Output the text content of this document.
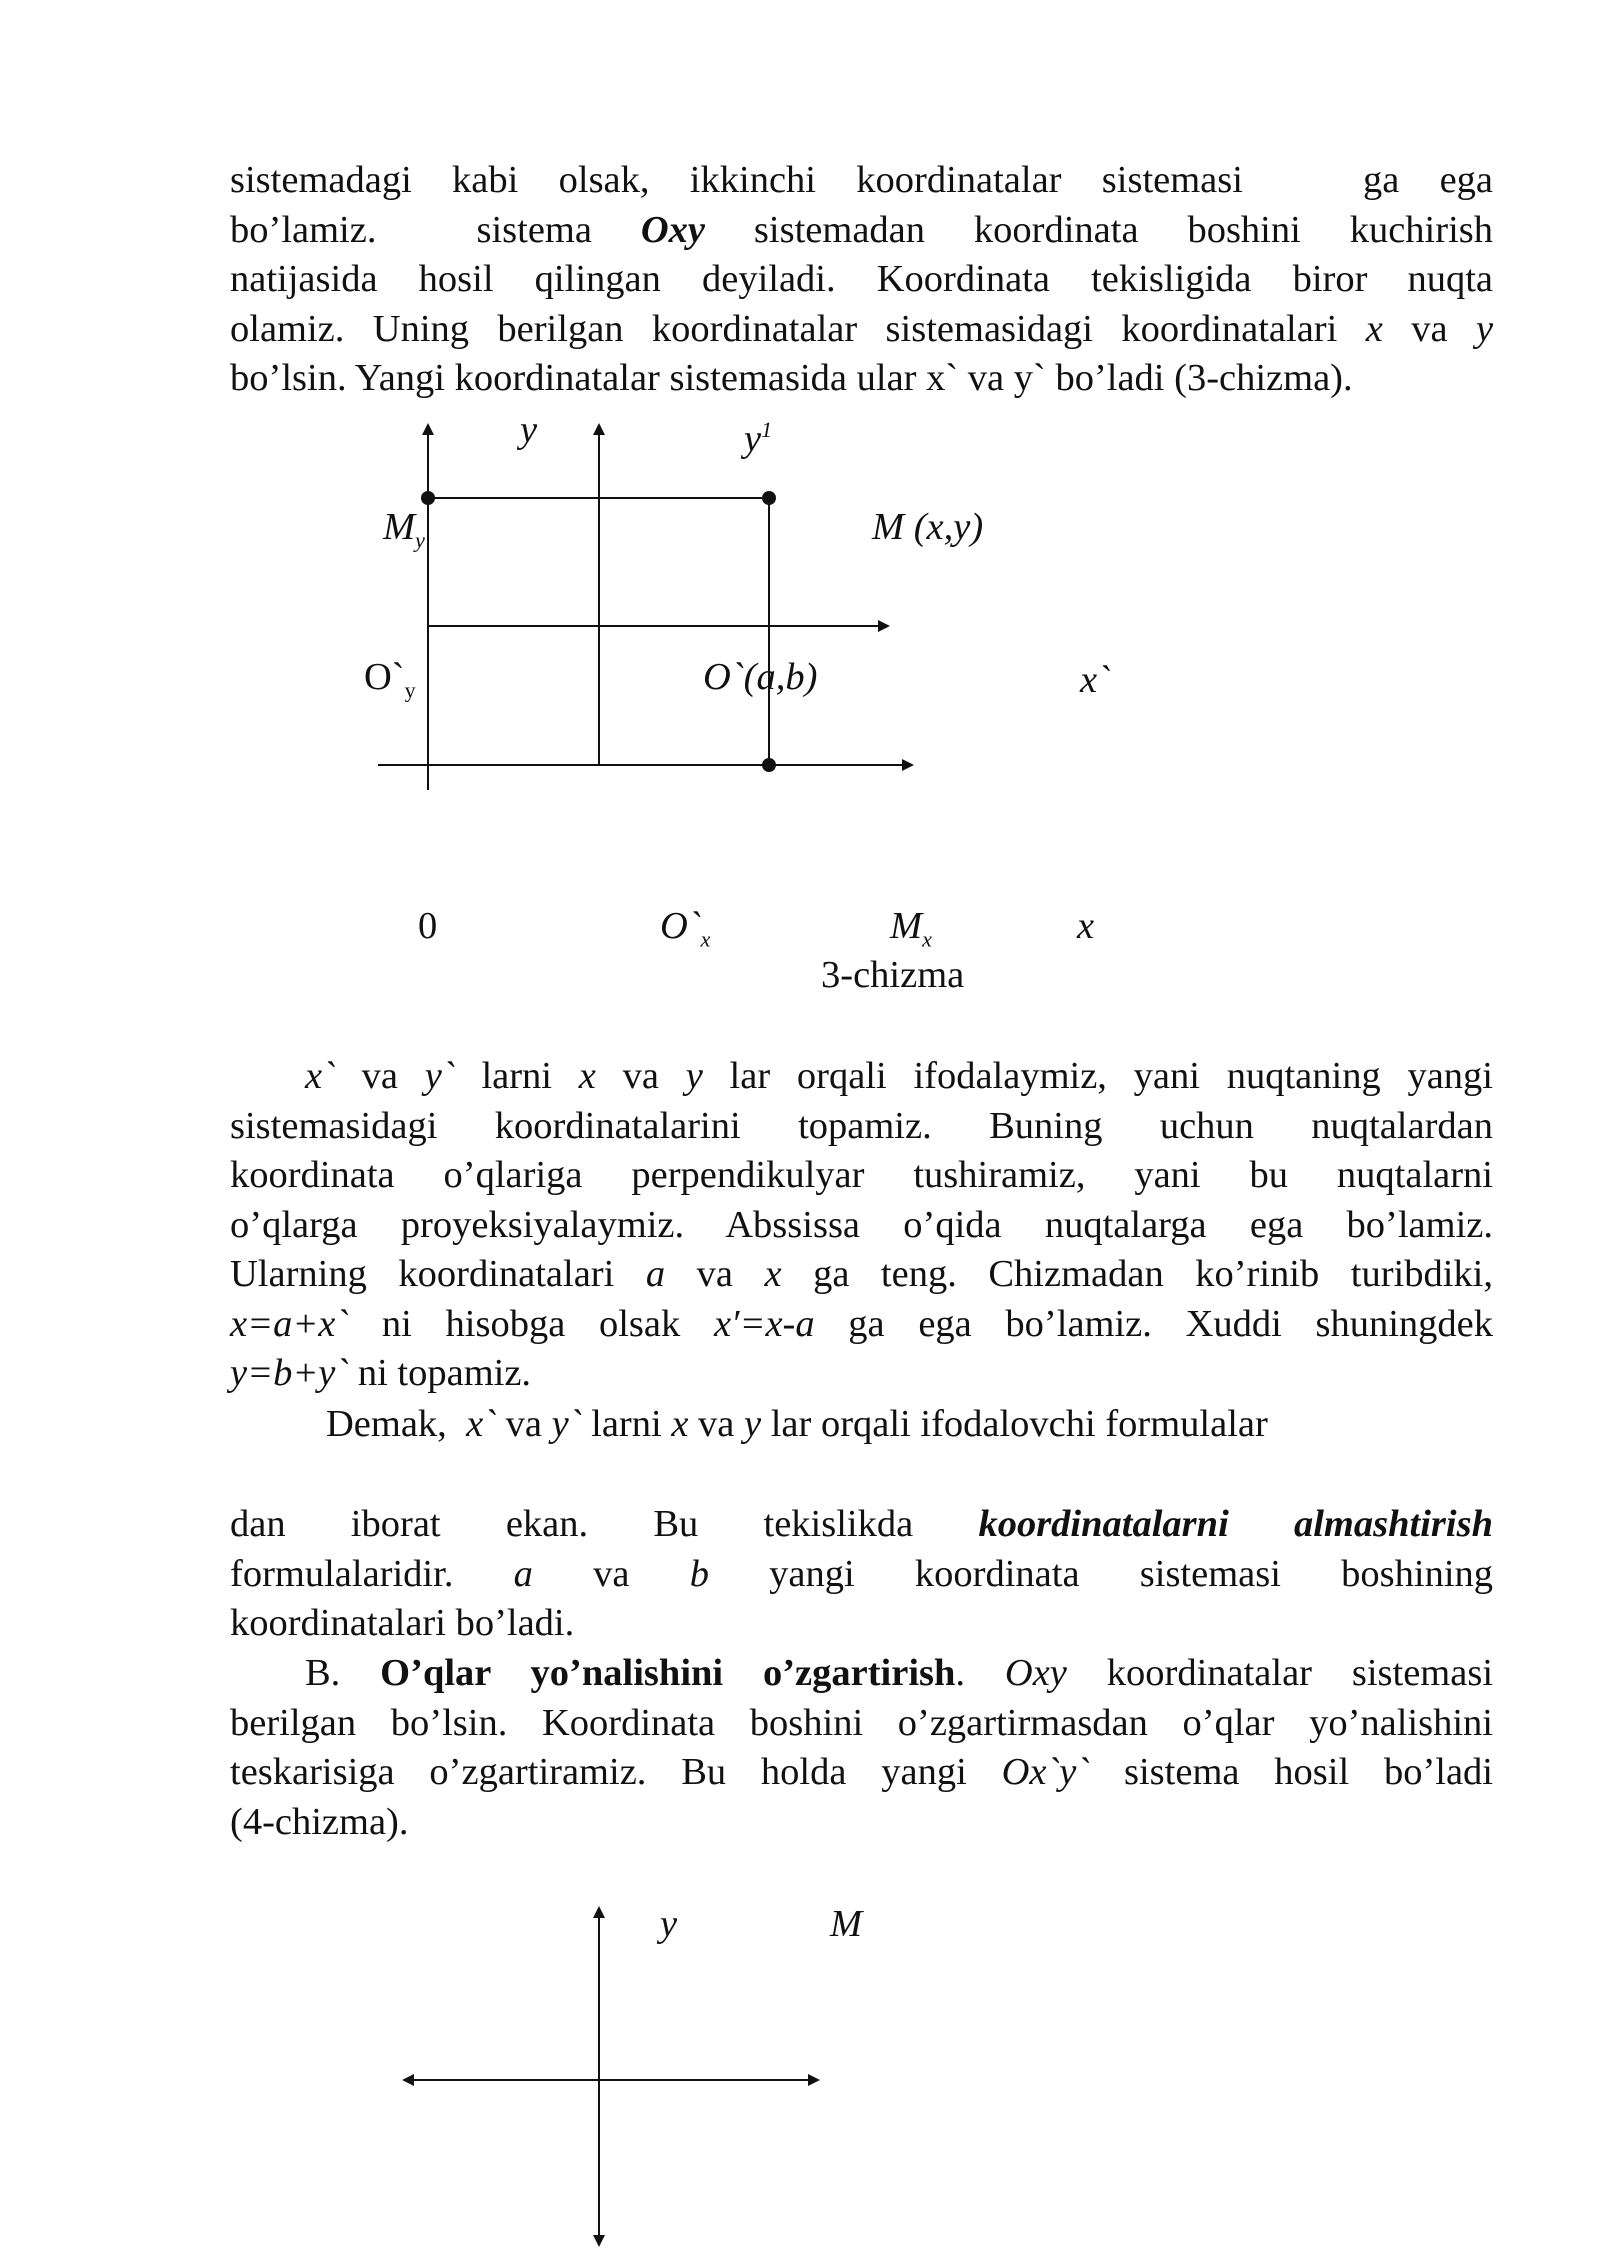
sistemadagi kabi olsak, ikkinchi koordinatalar sistemasi	ga ega
bo’lamiz.	sistema Oxy sistemadan koordinata boshini kuchirish
natijasida hosil qilingan deyiladi. Koordinata tekisligida biror nuqta
olamiz. Uning berilgan koordinatalar sistemasidagi koordinatalari x va y
bo’lsin. Yangi koordinatalar sistemasida ular x` va y` bo’ladi (3-chizma).
y	$y^1$
$M_y$	M (x,y)
$O`_y$	O`(a,b)	x`
0	$O`_x$	$M_x$	x
3-chizma
x` va y` larni x va y lar orqali ifodalaymiz, yani nuqtaning yangi
sistemasidagi koordinatalarini topamiz. Buning uchun nuqtalardan
koordinata o’qlariga perpendikulyar tushiramiz, yani bu nuqtalarni
o’qlarga proyeksiyalaymiz. Abssissa o’qida nuqtalarga ega bo’lamiz.
Ularning koordinatalari a va x ga teng. Chizmadan ko’rinib turibdiki,
x=a+x` ni hisobga olsak x′=x-a ga ega bo’lamiz. Xuddi shuningdek
y=b+y` ni topamiz.
Demak, x` va y` larni x va y lar orqali ifodalovchi formulalar
dan iborat ekan. Bu tekislikda koordinatalarni almashtirish
formulalaridir. a va b yangi koordinata sistemasi boshining
koordinatalari bo’ladi.
B. O’qlar yo’nalishini o’zgartirish. Oxy koordinatalar sistemasi
berilgan bo’lsin. Koordinata boshini o’zgartirmasdan o’qlar yo’nalishini
teskarisiga o’zgartiramiz. Bu holda yangi Ox`y` sistema hosil bo’ladi
(4-chizma).
y	M
